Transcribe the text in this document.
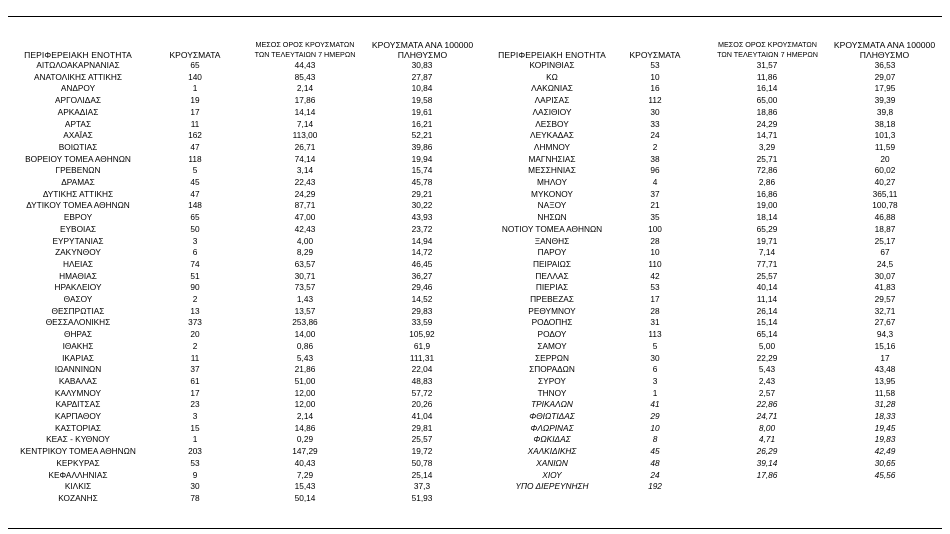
ΠΕΡΙΦΕΡΕΙΑΚΗ ΕΝΟΤΗΤΑ	ΚΡΟΥΣΜΑΤΑ
ΜΕΣΟΣ ΟΡΟΣ ΚΡΟΥΣΜΑΤΩΝ
ΤΩΝ ΤΕΛΕΥΤΑΙΩΝ 7 ΗΜΕΡΩΝ
ΚΡΟΥΣΜΑΤΑ ΑΝΑ 100000
ΠΛΗΘΥΣΜΟ	ΠΕΡΙΦΕΡΕΙΑΚΗ ΕΝΟΤΗΤΑ	ΚΡΟΥΣΜΑΤΑ
ΜΕΣΟΣ ΟΡΟΣ ΚΡΟΥΣΜΑΤΩΝ
ΤΩΝ ΤΕΛΕΥΤΑΙΩΝ 7 ΗΜΕΡΩΝ
ΚΡΟΥΣΜΑΤΑ ΑΝΑ 100000
ΠΛΗΘΥΣΜΟ
ΑΙΤΩΛΟΑΚΑΡΝΑΝΙΑΣ	65	44,43	30,83
ΑΝΑΤΟΛΙΚΗΣ ΑΤΤΙΚΗΣ	140	85,43	27,87
ΑΝΔΡΟΥ	1	2,14	10,84
ΑΡΓΟΛΙΔΑΣ	19	17,86	19,58
ΑΡΚΑΔΙΑΣ	17	14,14	19,61
ΑΡΤΑΣ	11	7,14	16,21
ΑΧΑΪΑΣ	162	113,00	52,21
ΒΟΙΩΤΙΑΣ	47	26,71	39,86
ΒΟΡΕΙΟΥ ΤΟΜΕΑ ΑΘΗΝΩΝ	118	74,14	19,94
ΓΡΕΒΕΝΩΝ	5	3,14	15,74
ΔΡΑΜΑΣ	45	22,43	45,78
ΔΥΤΙΚΗΣ ΑΤΤΙΚΗΣ	47	24,29	29,21
ΔΥΤΙΚΟΥ ΤΟΜΕΑ ΑΘΗΝΩΝ	148	87,71	30,22
ΕΒΡΟΥ	65	47,00	43,93
ΕΥΒΟΙΑΣ	50	42,43	23,72
ΕΥΡΥΤΑΝΙΑΣ	3	4,00	14,94
ΖΑΚΥΝΘΟΥ	6	8,29	14,72
ΗΛΕΙΑΣ	74	63,57	46,45
ΗΜΑΘΙΑΣ	51	30,71	36,27
ΗΡΑΚΛΕΙΟΥ	90	73,57	29,46
ΘΑΣΟΥ	2	1,43	14,52
ΘΕΣΠΡΩΤΙΑΣ	13	13,57	29,83
ΘΕΣΣΑΛΟΝΙΚΗΣ	373	253,86	33,59
ΘΗΡΑΣ	20	14,00	105,92
ΙΘΑΚΗΣ	2	0,86	61,9
ΙΚΑΡΙΑΣ	11	5,43	111,31
ΙΩΑΝΝΙΝΩΝ	37	21,86	22,04
ΚΑΒΑΛΑΣ	61	51,00	48,83
ΚΑΛΥΜΝΟΥ	17	12,00	57,72
ΚΑΡΔΙΤΣΑΣ	23	12,00	20,26
ΚΑΡΠΑΘΟΥ	3	2,14	41,04
ΚΑΣΤΟΡΙΑΣ	15	14,86	29,81
ΚΕΑΣ - ΚΥΘΝΟΥ	1	0,29	25,57
ΚΕΝΤΡΙΚΟΥ ΤΟΜΕΑ ΑΘΗΝΩΝ	203	147,29	19,72
ΚΕΡΚΥΡΑΣ	53	40,43	50,78
ΚΕΦΑΛΛΗΝΙΑΣ	9	7,29	25,14
ΚΙΛΚΙΣ	30	15,43	37,3
ΚΟΖΑΝΗΣ	78	50,14	51,93
ΚΟΡΙΝΘΙΑΣ	53	31,57	36,53
ΚΩ	10	11,86	29,07
ΛΑΚΩΝΙΑΣ	16	16,14	17,95
ΛΑΡΙΣΑΣ	112	65,00	39,39
ΛΑΣΙΘΙΟΥ	30	18,86	39,8
ΛΕΣΒΟΥ	33	24,29	38,18
ΛΕΥΚΑΔΑΣ	24	14,71	101,3
ΛΗΜΝΟΥ	2	3,29	11,59
ΜΑΓΝΗΣΙΑΣ	38	25,71	20
ΜΕΣΣΗΝΙΑΣ	96	72,86	60,02
ΜΗΛΟΥ	4	2,86	40,27
ΜΥΚΟΝΟΥ	37	16,86	365,11
ΝΑΞΟΥ	21	19,00	100,78
ΝΗΣΩΝ	35	18,14	46,88
ΝΟΤΙΟΥ ΤΟΜΕΑ ΑΘΗΝΩΝ	100	65,29	18,87
ΞΑΝΘΗΣ	28	19,71	25,17
ΠΑΡΟΥ	10	7,14	67
ΠΕΙΡΑΙΩΣ	110	77,71	24,5
ΠΕΛΛΑΣ	42	25,57	30,07
ΠΙΕΡΙΑΣ	53	40,14	41,83
ΠΡΕΒΕΖΑΣ	17	11,14	29,57
ΡΕΘΥΜΝΟΥ	28	26,14	32,71
ΡΟΔΟΠΗΣ	31	15,14	27,67
ΡΟΔΟΥ	113	65,14	94,3
ΣΑΜΟΥ	5	5,00	15,16
ΣΕΡΡΩΝ	30	22,29	17
ΣΠΟΡΑΔΩΝ	6	5,43	43,48
ΣΥΡΟΥ	3	2,43	13,95
ΤΗΝΟΥ	1	2,57	11,58
ΤΡΙΚΑΛΩΝ	41	22,86	31,28
ΦΘΙΩΤΙΔΑΣ	29	24,71	18,33
ΦΛΩΡΙΝΑΣ	10	8,00	19,45
ΦΩΚΙΔΑΣ	8	4,71	19,83
ΧΑΛΚΙΔΙΚΗΣ	45	26,29	42,49
ΧΑΝΙΩΝ	48	39,14	30,65
ΧΙΟΥ	24	17,86	45,56
ΥΠΟ ΔΙΕΡΕΥΝΗΣΗ	192
